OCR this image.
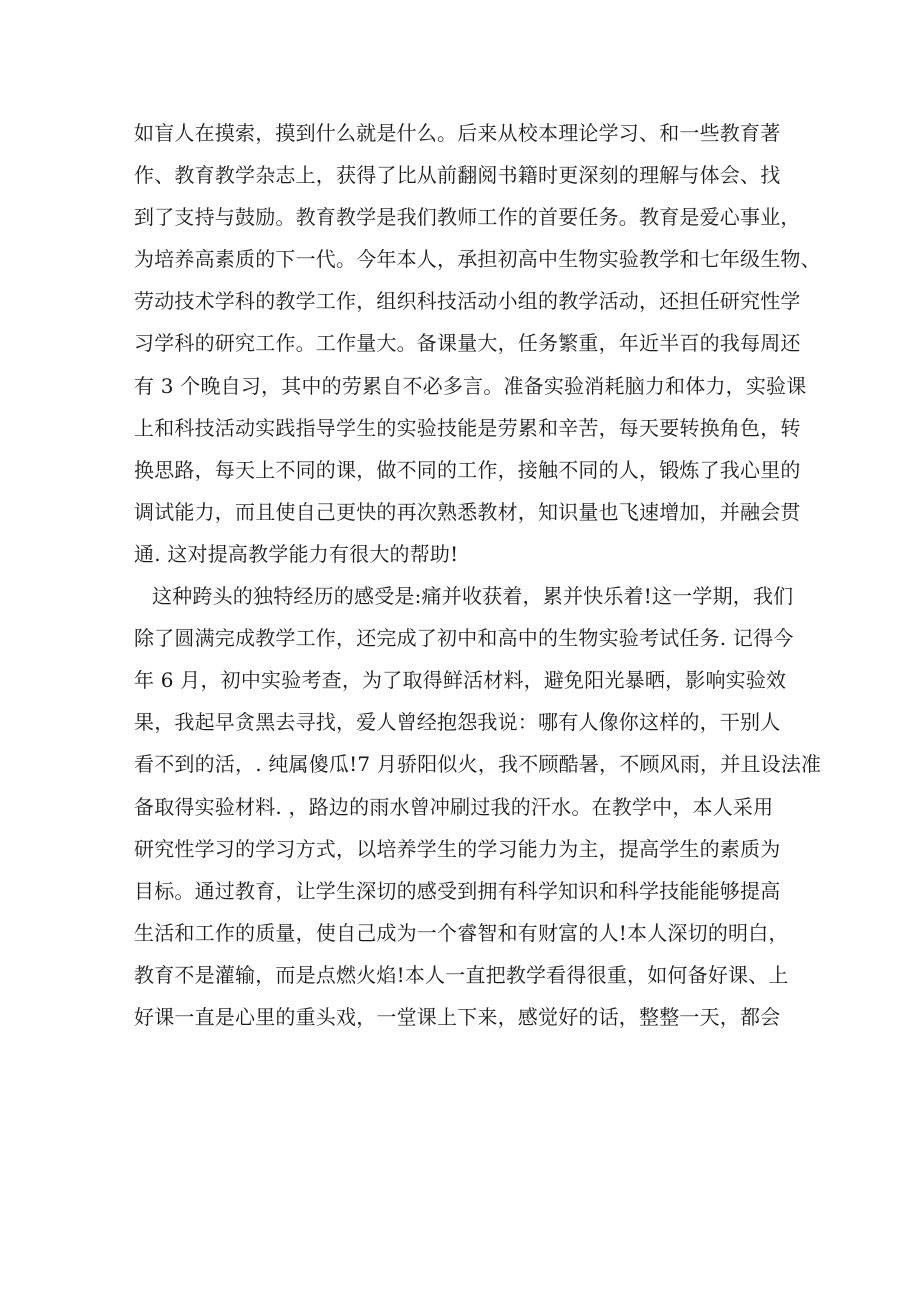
如盲人在摸索，摸到什么就是什么。后来从校本理论学习、和一些教育著
作、教育教学杂志上，获得了比从前翻阅书籍时更深刻的理解与体会、找
到了支持与鼓励。教育教学是我们教师工作的首要任务。教育是爱心事业，
为培养高素质的下一代。今年本人，承担初高中生物实验教学和七年级生物、
劳动技术学科的教学工作，组织科技活动小组的教学活动，还担任研究性学
习学科的研究工作。工作量大。备课量大，任务繁重，年近半百的我每周还
有 3 个晚自习，其中的劳累自不必多言。准备实验消耗脑力和体力，实验课
上和科技活动实践指导学生的实验技能是劳累和辛苦，每天要转换角色，转
换思路，每天上不同的课，做不同的工作，接触不同的人，锻炼了我心里的
调试能力，而且使自己更快的再次熟悉教材，知识量也飞速增加，并融会贯
通. 这对提高教学能力有很大的帮助!
这种跨头的独特经历的感受是:痛并收获着，累并快乐着!这一学期，我们
除了圆满完成教学工作，还完成了初中和高中的生物实验考试任务. 记得今
年 6 月，初中实验考查，为了取得鲜活材料，避免阳光暴晒，影响实验效
果，我起早贪黑去寻找，爱人曾经抱怨我说：哪有人像你这样的，干别人
看不到的活，. 纯属傻瓜!7 月骄阳似火，我不顾酷暑，不顾风雨，并且设法准
备取得实验材料. ，路边的雨水曾冲刷过我的汗水。在教学中，本人采用
研究性学习的学习方式，以培养学生的学习能力为主，提高学生的素质为
目标。通过教育，让学生深切的感受到拥有科学知识和科学技能能够提高
生活和工作的质量，使自己成为一个睿智和有财富的人!本人深切的明白，
教育不是灌输，而是点燃火焰!本人一直把教学看得很重，如何备好课、上
好课一直是心里的重头戏，一堂课上下来，感觉好的话，整整一天，都会
